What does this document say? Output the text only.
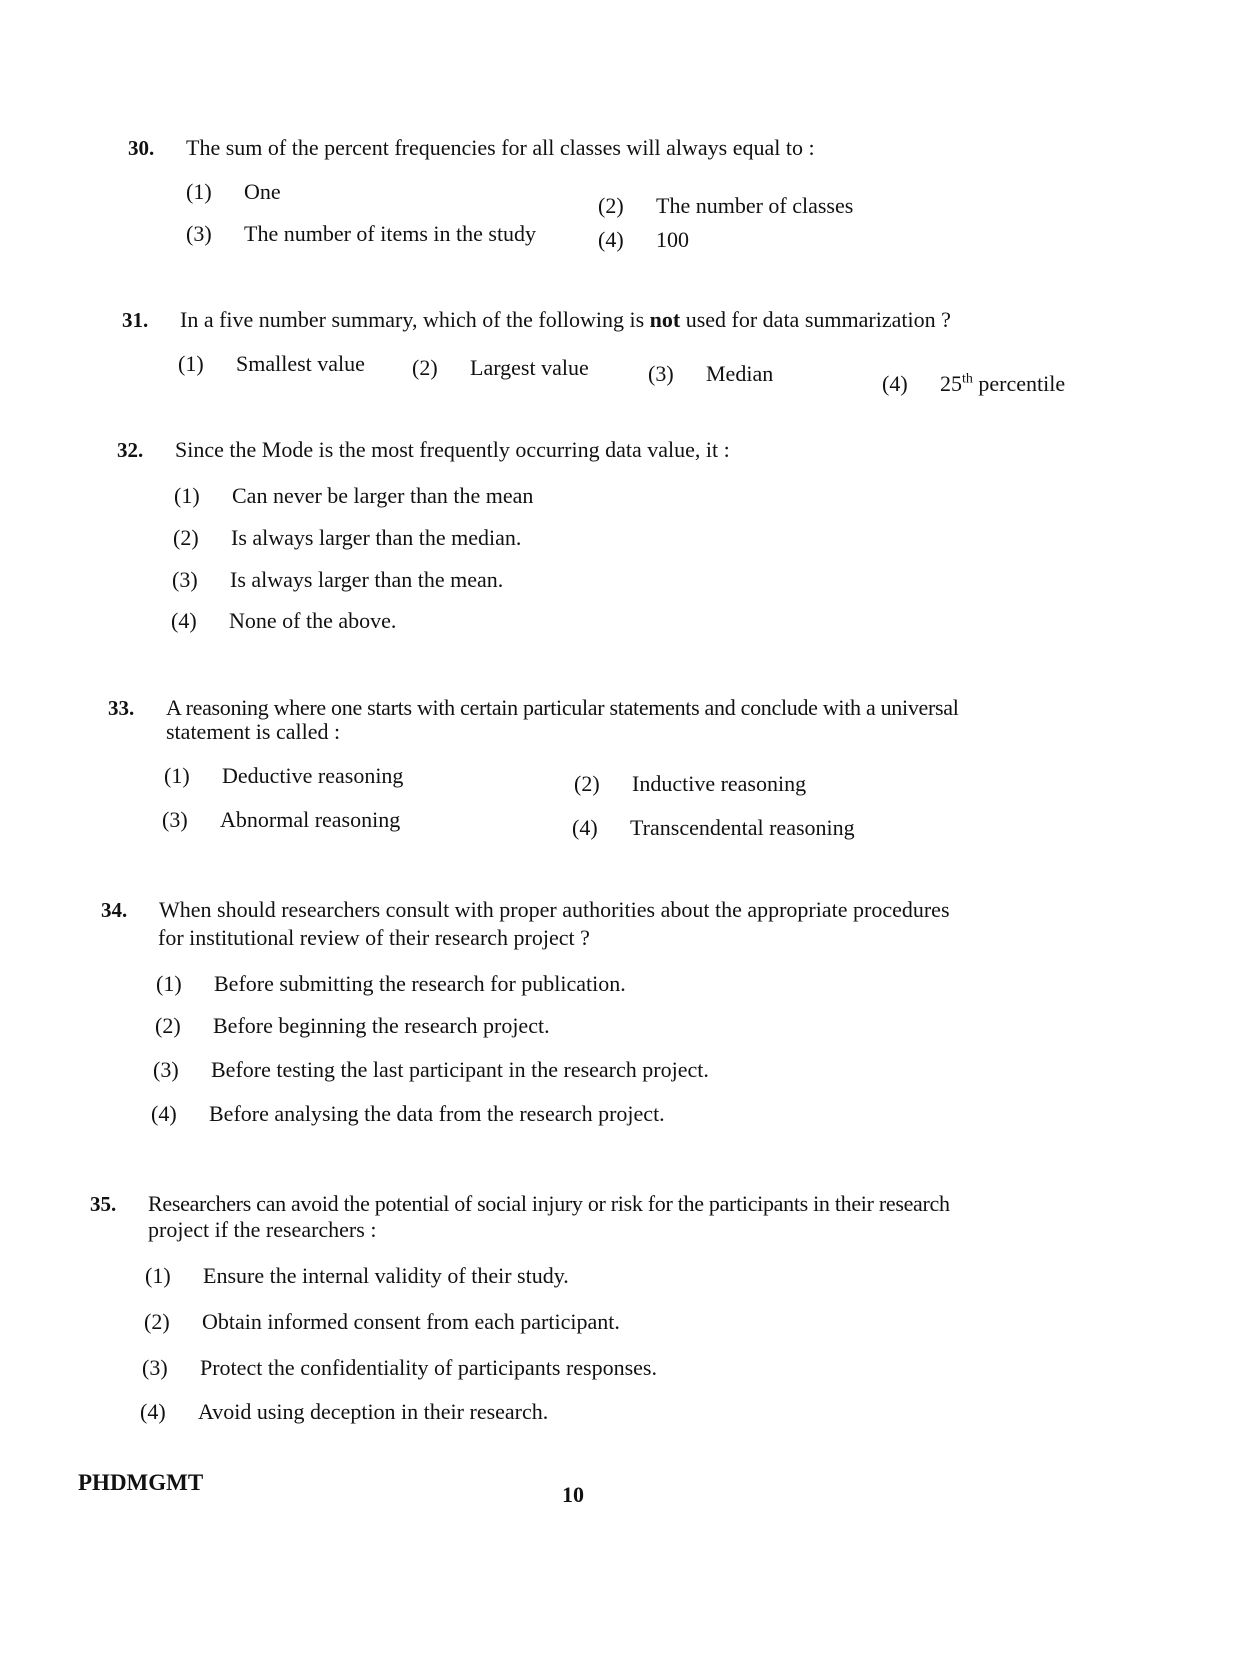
30. The sum of the percent frequencies for all classes will always equal to :
(1) One
(2) The number of classes
(3) The number of items in the study	(4) 100
31. In a five number summary, which of the following is not used for data summarization ?
(1) Smallest value (2) Largest value	(3) Median	(4) 25th percentile
32. Since the Mode is the most frequently occurring data value, it :
(1) Can never be larger than the mean
(2) Is always larger than the median.
(3) Is always larger than the mean.
(4) None of the above.
33. A reasoning where one starts with certain particular statements and conclude with a universal
statement is called :
(1) Deductive reasoning	(2) Inductive reasoning
(3) Abnormal reasoning	(4) Transcendental reasoning
34. When should researchers consult with proper authorities about the appropriate procedures
for institutional review of their research project ?
(1) Before submitting the research for publication.
(2) Before beginning the research project.
(3) Before testing the last participant in the research project.
(4) Before analysing the data from the research project.
35. Researchers can avoid the potential of social injury or risk for the participants in their research
project if the researchers :
(1) Ensure the internal validity of their study.
(2) Obtain informed consent from each participant.
(3) Protect the confidentiality of participants responses.
(4) Avoid using deception in their research.
PHDMGMT	10
